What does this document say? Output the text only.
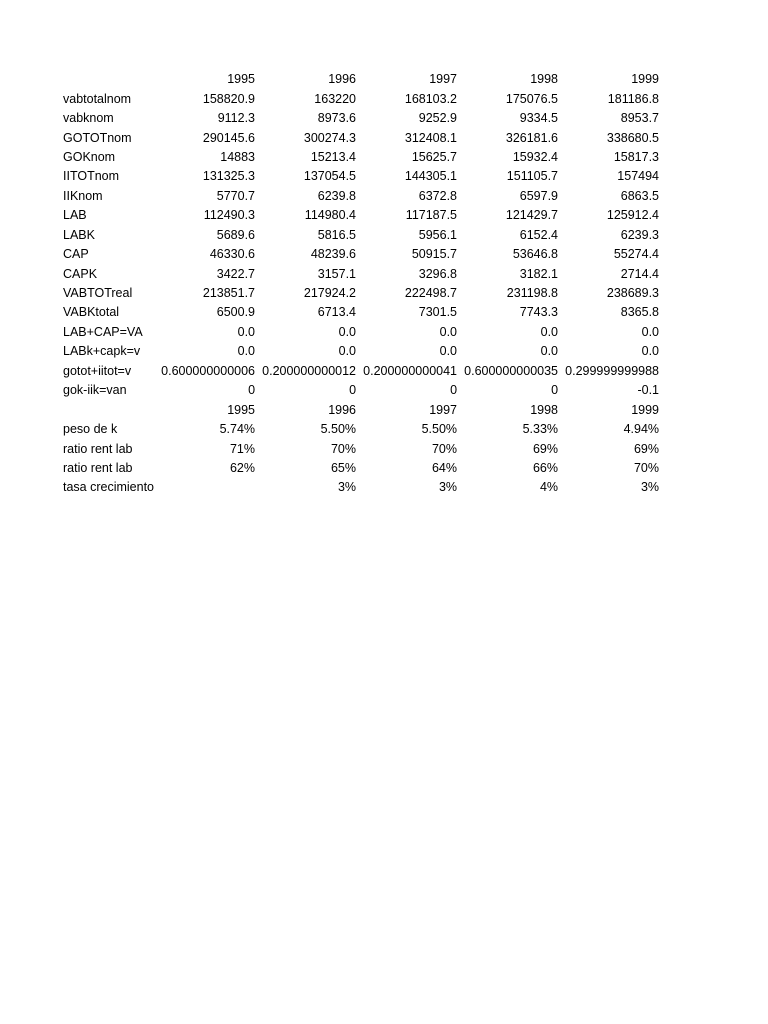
	1995	1996	1997	1998	1999
vabtotalnom	158820.9	163220	168103.2	175076.5	181186.8
vabknom	9112.3	8973.6	9252.9	9334.5	8953.7
GOTOTnom	290145.6	300274.3	312408.1	326181.6	338680.5
GOKnom	14883	15213.4	15625.7	15932.4	15817.3
IITOTnom	131325.3	137054.5	144305.1	151105.7	157494
IIKnom	5770.7	6239.8	6372.8	6597.9	6863.5
LAB	112490.3	114980.4	117187.5	121429.7	125912.4
LABK	5689.6	5816.5	5956.1	6152.4	6239.3
CAP	46330.6	48239.6	50915.7	53646.8	55274.4
CAPK	3422.7	3157.1	3296.8	3182.1	2714.4
VABTOTreal	213851.7	217924.2	222498.7	231198.8	238689.3
VABKtotal	6500.9	6713.4	7301.5	7743.3	8365.8
LAB+CAP=VA	0.0	0.0	0.0	0.0	0.0
LABk+capk=v	0.0	0.0	0.0	0.0	0.0
gotot+iitot=v	0.600000000006	0.200000000012	0.200000000041	0.600000000035	0.299999999988
gok-iik=van	0	0	0	0	-0.1
	1995	1996	1997	1998	1999
peso de k	5.74%	5.50%	5.50%	5.33%	4.94%
ratio rent lab	71%	70%	70%	69%	69%
ratio rent lab	62%	65%	64%	66%	70%
tasa crecimiento		3%	3%	4%	3%
